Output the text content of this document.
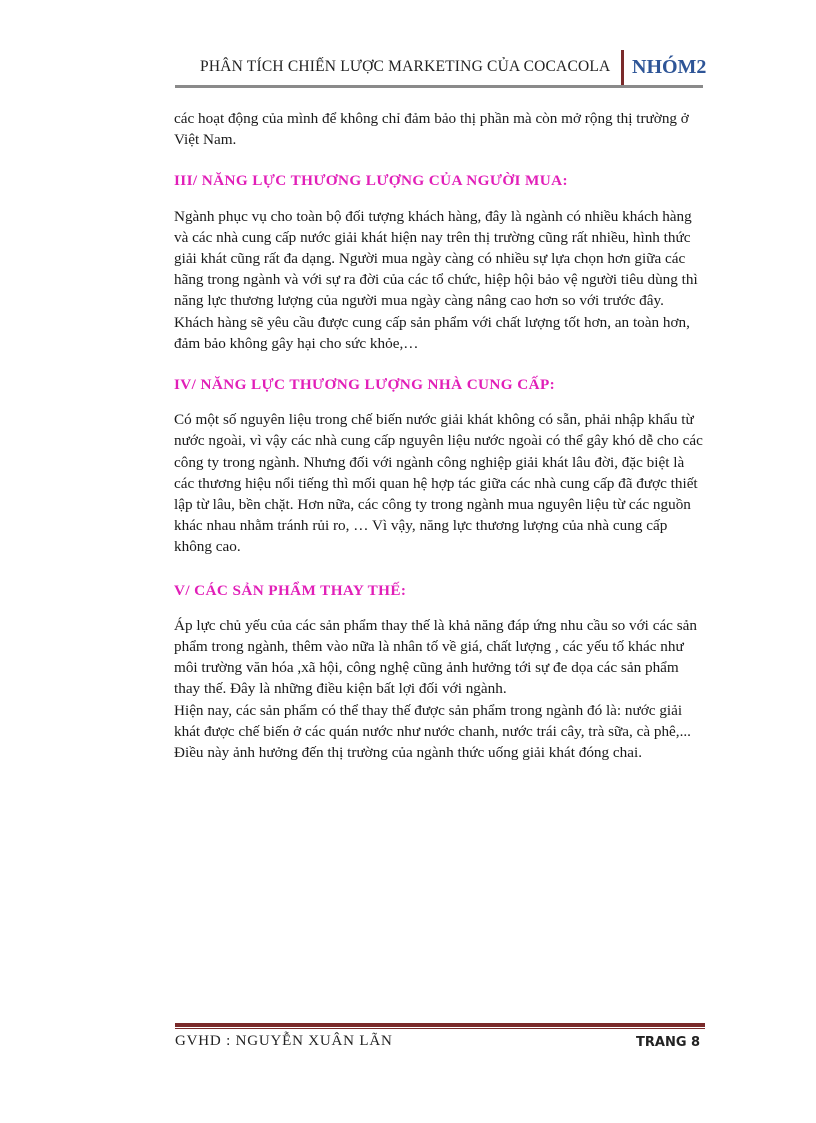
PHÂN TÍCH CHIẾN LƯỢC MARKETING CỦA COCACOLA NHÓM2

các hoạt động của mình để không chỉ đảm bảo thị phần mà còn mở rộng thị trường ở Việt Nam.

III/ NĂNG LỰC THƯƠNG LƯỢNG CỦA NGƯỜI MUA:

Ngành phục vụ cho toàn bộ đối tượng khách hàng, đây là ngành có nhiều khách hàng và các nhà cung cấp nước giải khát hiện nay trên thị trường cũng rất nhiều, hình thức giải khát cũng rất đa dạng. Người mua ngày càng có nhiều sự lựa chọn hơn giữa các hãng trong ngành và với sự ra đời của các tổ chức, hiệp hội bảo vệ người tiêu dùng thì năng lực thương lượng của người mua ngày càng nâng cao hơn so với trước đây. Khách hàng sẽ yêu cầu được cung cấp sản phẩm với chất lượng tốt hơn, an toàn hơn, đảm bảo không gây hại cho sức khỏe,…

IV/ NĂNG LỰC THƯƠNG LƯỢNG NHÀ CUNG CẤP:

Có một số nguyên liệu trong chế biến nước giải khát không có sẵn, phải nhập khẩu từ nước ngoài, vì vậy các nhà cung cấp nguyên liệu nước ngoài có thể gây khó dễ cho các công ty trong ngành. Nhưng đối với ngành công nghiệp giải khát lâu đời, đặc biệt là các thương hiệu nổi tiếng thì mối quan hệ hợp tác giữa các nhà cung cấp đã được thiết lập từ lâu, bền chặt. Hơn nữa, các công ty trong ngành mua nguyên liệu từ các nguồn khác nhau nhằm tránh rủi ro, … Vì vậy, năng lực thương lượng của nhà cung cấp không cao.

V/ CÁC SẢN PHẨM THAY THẾ:

Áp lực chủ yếu của các sản phẩm thay thế là khả năng đáp ứng nhu cầu so với các sản phẩm trong ngành, thêm vào nữa là nhân tố về giá, chất lượng , các yếu tố khác như môi trường văn hóa ,xã hội, công nghệ cũng ảnh hưởng tới sự đe dọa các sản phẩm thay thế. Đây là những điều kiện bất lợi đối với ngành.

Hiện nay, các sản phẩm có thể thay thế được sản phẩm trong ngành đó là: nước giải khát được chế biến ở các quán nước như nước chanh, nước trái cây, trà sữa, cà phê,...

Điều này ảnh hưởng đến thị trường của ngành thức uống giải khát đóng chai.

GVHD : NGUYỄN XUÂN LÃN	TRANG 8
